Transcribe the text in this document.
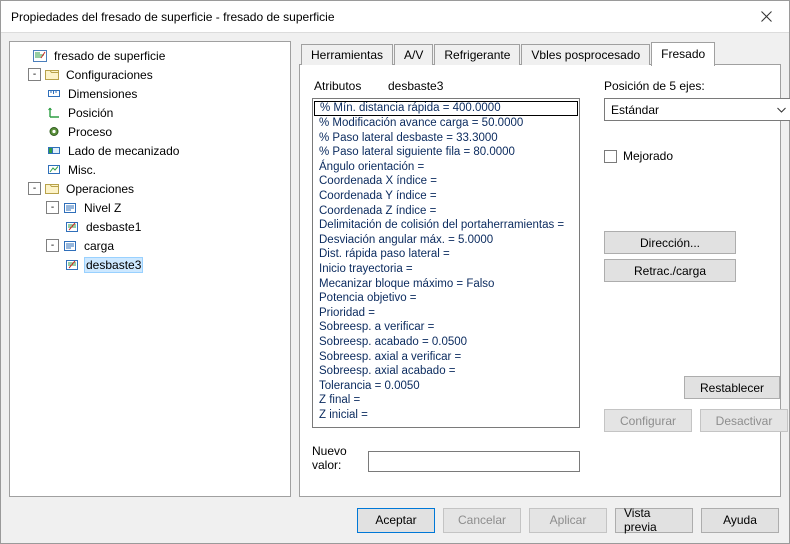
Propiedades del fresado de superficie - fresado de superficie
fresado de superficie
-	Configuraciones
Dimensiones
Posición
Proceso
Lado de mecanizado
Misc.
-	Operaciones
-	Nivel Z
desbaste1
-	carga
desbaste3
Herramientas	A/V	Refrigerante	Vbles posprocesado	Fresado
Atributos	desbaste3
% Mín. distancia rápida = 400.0000
% Modificación avance carga = 50.0000
% Paso lateral desbaste = 33.3000
% Paso lateral siguiente fila = 80.0000
Ángulo orientación =
Coordenada X índice =
Coordenada Y índice =
Coordenada Z índice =
Delimitación de colisión del portaherramientas =
Desviación angular máx. = 5.0000
Dist. rápida paso lateral =
Inicio trayectoria =
Mecanizar bloque máximo = Falso
Potencia objetivo =
Prioridad =
Sobreesp. a verificar =
Sobreesp. acabado = 0.0500
Sobreesp. axial a verificar =
Sobreesp. axial acabado =
Tolerancia = 0.0050
Z final =
Z inicial =
Nuevo
valor:
Posición de 5 ejes:
Estándar
Mejorado
Dirección...
Retrac./carga
Restablecer
Configurar	Desactivar
Aceptar	Cancelar	Aplicar	Vista previa	Ayuda
